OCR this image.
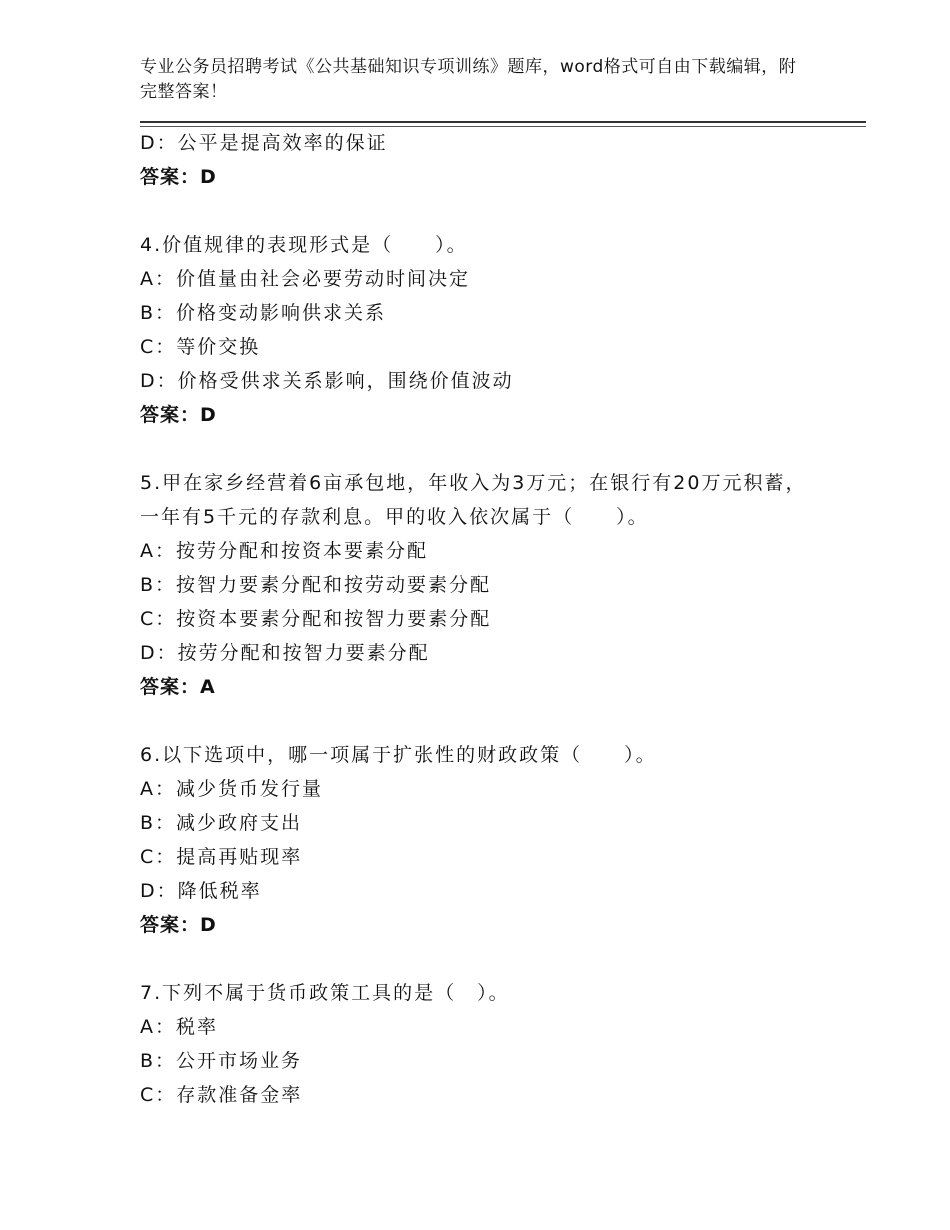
专业公务员招聘考试《公共基础知识专项训练》题库，word格式可自由下载编辑，附完整答案！
D：公平是提高效率的保证
答案：D
4.价值规律的表现形式是（　　）。
A：价值量由社会必要劳动时间决定
B：价格变动影响供求关系
C：等价交换
D：价格受供求关系影响，围绕价值波动
答案：D
5.甲在家乡经营着6亩承包地，年收入为3万元；在银行有20万元积蓄，一年有5千元的存款利息。甲的收入依次属于（　　）。
A：按劳分配和按资本要素分配
B：按智力要素分配和按劳动要素分配
C：按资本要素分配和按智力要素分配
D：按劳分配和按智力要素分配
答案：A
6.以下选项中，哪一项属于扩张性的财政政策（　　）。
A：减少货币发行量
B：减少政府支出
C：提高再贴现率
D：降低税率
答案：D
7.下列不属于货币政策工具的是（　）。
A：税率
B：公开市场业务
C：存款准备金率
